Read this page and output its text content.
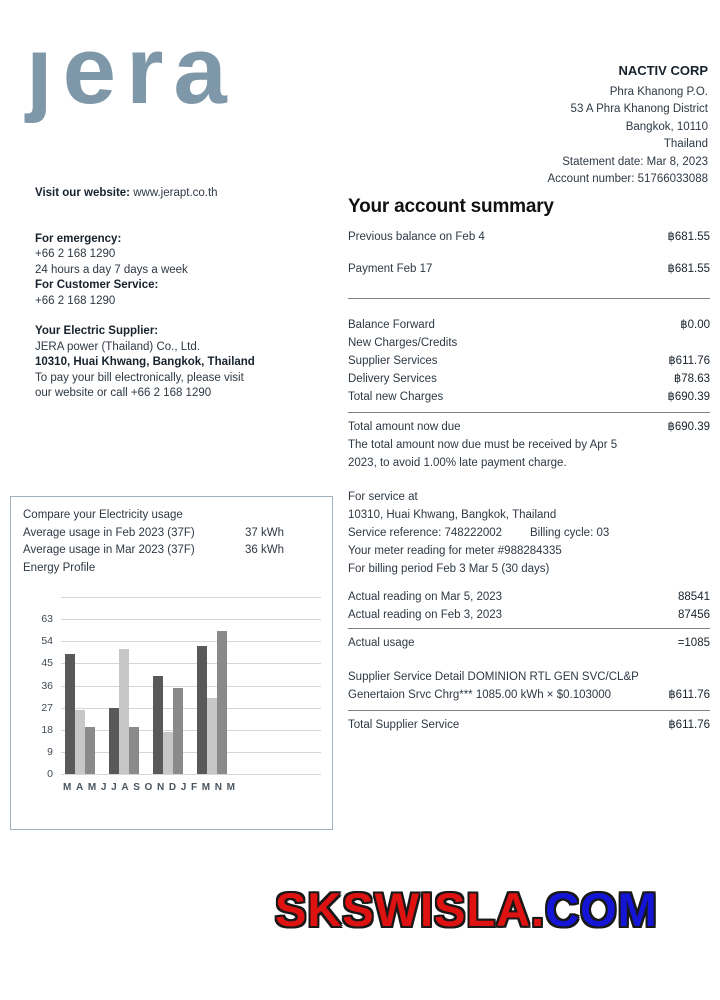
ȷera	NACTIV CORP
Phra Khanong P.O.
53 A Phra Khanong District
Bangkok, 10110
Thailand
Statement date: Mar 8, 2023
Account number: 51766033088
Visit our website: www.jerapt.co.th
For emergency:
+66 2 168 1290
24 hours a day 7 days a week
For Customer Service:
+66 2 168 1290
Your Electric Supplier:
JERA power (Thailand) Co., Ltd.
10310, Huai Khwang, Bangkok, Thailand
To pay your bill electronically, please visit
our website or call +66 2 168 1290
Your account summary
Previous balance on Feb 4	฿681.55
Payment Feb 17	฿681.55
Balance Forward	฿0.00
New Charges/Credits
Supplier Services	฿611.76
Delivery Services	฿78.63
Total new Charges	฿690.39
Total amount now due	฿690.39
The total amount now due must be received by Apr 5
2023, to avoid 1.00% late payment charge.
For service at
10310, Huai Khwang, Bangkok, Thailand
Service reference: 748222002 Billing cycle: 03
Your meter reading for meter #988284335
For billing period Feb 3 Mar 5 (30 days)
Actual reading on Mar 5, 2023	88541
Actual reading on Feb 3, 2023	87456
Actual usage	=1085
Supplier Service Detail DOMINION RTL GEN SVC/CL&P
Genertaion Srvc Chrg*** 1085.00 kWh × $0.103000	฿611.76
Total Supplier Service	฿611.76
Compare your Electricity usage
Average usage in Feb 2023 (37F)	37 kWh
Average usage in Mar 2023 (37F)	36 kWh
Energy Profile
0
9
18
27
36
45
54
63
M A M J J A S O N D J F M N M
SKSWISLA.COM
